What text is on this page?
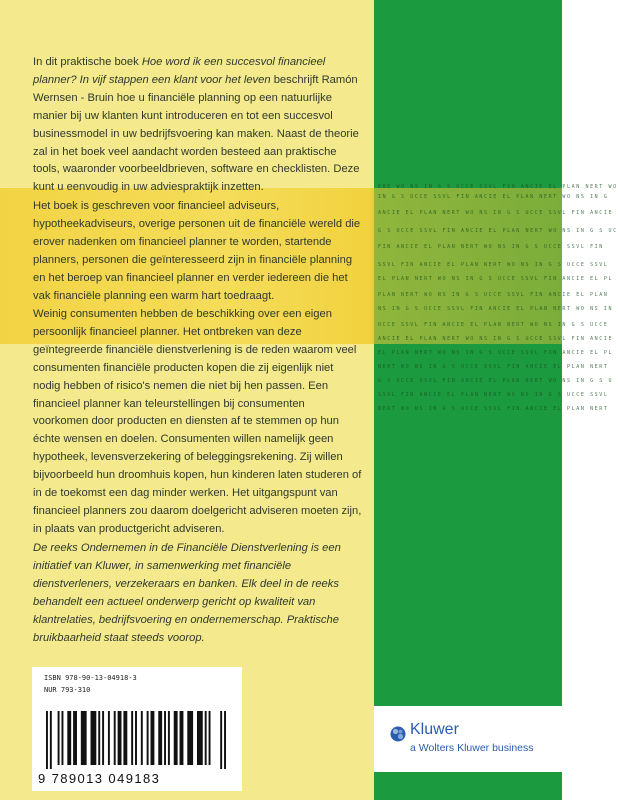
ERE WO NS IN G S UCCE SSVL FIN ANCIE EL PLAN NERT WO
IN G S UCCE SSVL FIN ANCIE EL PLAN NERT WO NS IN G
ANCIE EL PLAN NERT WO NS IN G S UCCE SSVL FIN ANCIE
G S UCCE SSVL FIN ANCIE EL PLAN NERT WO NS IN G S UC
FIN ANCIE EL PLAN NERT WO NS IN G S UCCE SSVL FIN
SSVL FIN ANCIE EL PLAN NERT WO NS IN G S UCCE SSVL
EL PLAN NERT WO NS IN G S UCCE SSVL FIN ANCIE EL PL
PLAN NERT WO NS IN G S UCCE SSVL FIN ANCIE EL PLAN
NS IN G S UCCE SSVL FIN ANCIE EL PLAN NERT WO NS IN
UCCE SSVL FIN ANCIE EL PLAN NERT WO NS IN G S UCCE
ANCIE EL PLAN NERT WO NS IN G S UCCE SSVL FIN ANCIE
EL PLAN NERT WO NS IN G S UCCE SSVL FIN ANCIE EL PL
NERT WO NS IN G S UCCE SSVL FIN ANCIE EL PLAN NERT
G S UCCE SSVL FIN ANCIE EL PLAN NERT WO NS IN G S U
SSVL FIN ANCIE EL PLAN NERT WO NS IN G S UCCE SSVL
NERT WO NS IN G S UCCE SSVL FIN ANCIE EL PLAN NERT

In dit praktische boek Hoe word ik een succesvol financieel planner? In vijf stappen een klant voor het leven beschrijft Ramón Wernsen - Bruin hoe u financiële planning op een natuurlijke manier bij uw klanten kunt introduceren en tot een succesvol businessmodel in uw bedrijfsvoering kan maken. Naast de theorie zal in het boek veel aandacht worden besteed aan praktische tools, waaronder voorbeeldbrieven, software en checklisten. Deze kunt u eenvoudig in uw adviespraktijk inzetten.

Het boek is geschreven voor financieel adviseurs, hypotheekadviseurs, overige personen uit de financiële wereld die erover nadenken om financieel planner te worden, startende planners, personen die geïnteresseerd zijn in financiële planning en het beroep van financieel planner en verder iedereen die het vak financiële planning een warm hart toedraagt.

Weinig consumenten hebben de beschikking over een eigen persoonlijk financieel planner. Het ontbreken van deze geïntegreerde financiële dienstverlening is de reden waarom veel consumenten financiële producten kopen die zij eigenlijk niet nodig hebben of risico's nemen die niet bij hen passen. Een financieel planner kan teleurstellingen bij consumenten voorkomen door producten en diensten af te stemmen op hun échte wensen en doelen. Consumenten willen namelijk geen hypotheek, levensverzekering of beleggingsrekening. Zij willen bijvoorbeeld hun droomhuis kopen, hun kinderen laten studeren of in de toekomst een dag minder werken. Het uitgangspunt van financieel planners zou daarom doelgericht adviseren moeten zijn, in plaats van productgericht adviseren.

De reeks Ondernemen in de Financiële Dienstverlening is een initiatief van Kluwer, in samenwerking met financiële dienstverleners, verzekeraars en banken. Elk deel in de reeks behandelt een actueel onderwerp gericht op kwaliteit van klantrelaties, bedrijfsvoering en ondernemerschap. Praktische bruikbaarheid staat steeds voorop.

ISBN 978-90-13-04918-3
NUR 793-310
9 789013 049183
Kluwer
a Wolters Kluwer business
